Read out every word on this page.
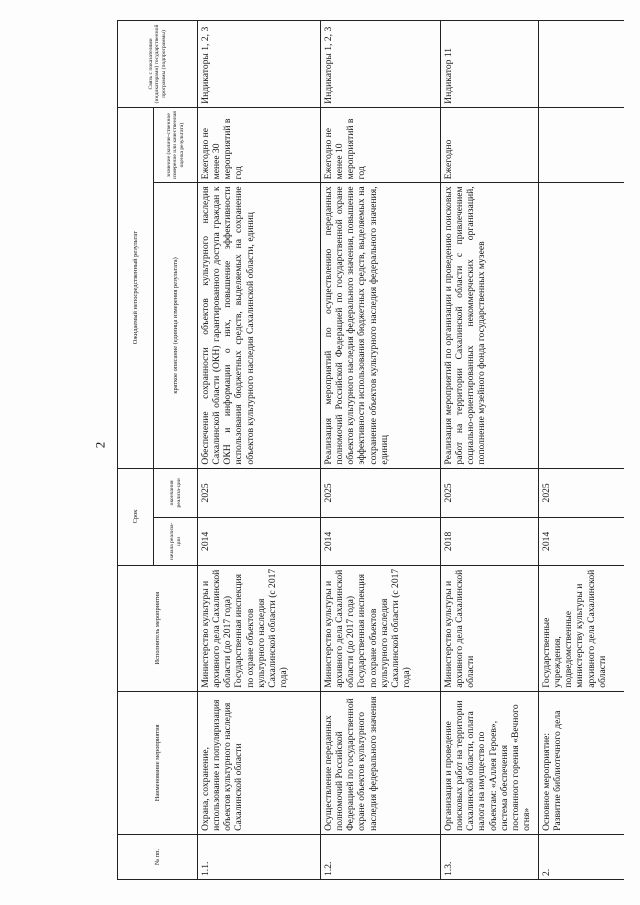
2
№ пп.	Наименование мероприятия	Исполнитель мероприятия	Срок		Ожидаемый непосредственный результат		Связь с показателями (индикаторами) государственной программы (подпрограммы)
			начала реализа-ции	окончания реализа-ции	краткое описание (единица измерения результата)	значение (количе-ственное измерение или качественная оценка результата)	
1.1.	Охрана, сохранение, использование и популяризация объектов культурного наследия Сахалинской области	Министерство культуры и архивного дела Сахалинской области (до 2017 года) Государственная инспекция по охране объектов культурного наследия Сахалинской области (с 2017 года)	2014	2025	Обеспечение сохранности объектов культурного наследия Сахалинской области (ОКН) гарантированного доступа граждан к ОКН и информации о них, повышение эффективности использования бюджетных средств, выделяемых на сохранение объектов культурного наследия Сахалинской области, единиц	Ежегодно не менее 30 мероприятий в год	Индикаторы 1, 2, 3
1.2.	Осуществление переданных полномочий Российской Федерацией по государственной охране объектов культурного наследия федерального значения	Министерство культуры и архивного дела Сахалинской области (до 2017 года) Государственная инспекция по охране объектов культурного наследия Сахалинской области (с 2017 года)	2014	2025	Реализация мероприятий по осуществлению переданных полномочий Российской Федерацией по государственной охране объектов культурного наследия федерального значения, повышение эффективности использования бюджетных средств, выделяемых на сохранение объектов культурного наследия федерального значения, единиц	Ежегодно не менее 10 мероприятий в год	Индикаторы 1, 2, 3
1.3.	Организация и проведение поисковых работ на территории Сахалинской области, оплата налога на имущество по объектам: «Аллея Героев», система обеспечения постоянного горения «Вечного огня»	Министерство культуры и архивного дела Сахалинской области	2018	2025	Реализация мероприятий по организации и проведению поисковых работ на территории Сахалинской области с привлечением социально-ориентированных некоммерческих организаций, пополнение музейного фонда государственных музеев	Ежегодно	Индикатор 11
2.	Основное мероприятие: Развитие библиотечного дела	Государственные учреждения, подведомственные министерству культуры и архивного дела Сахалинской области	2014	2025			
